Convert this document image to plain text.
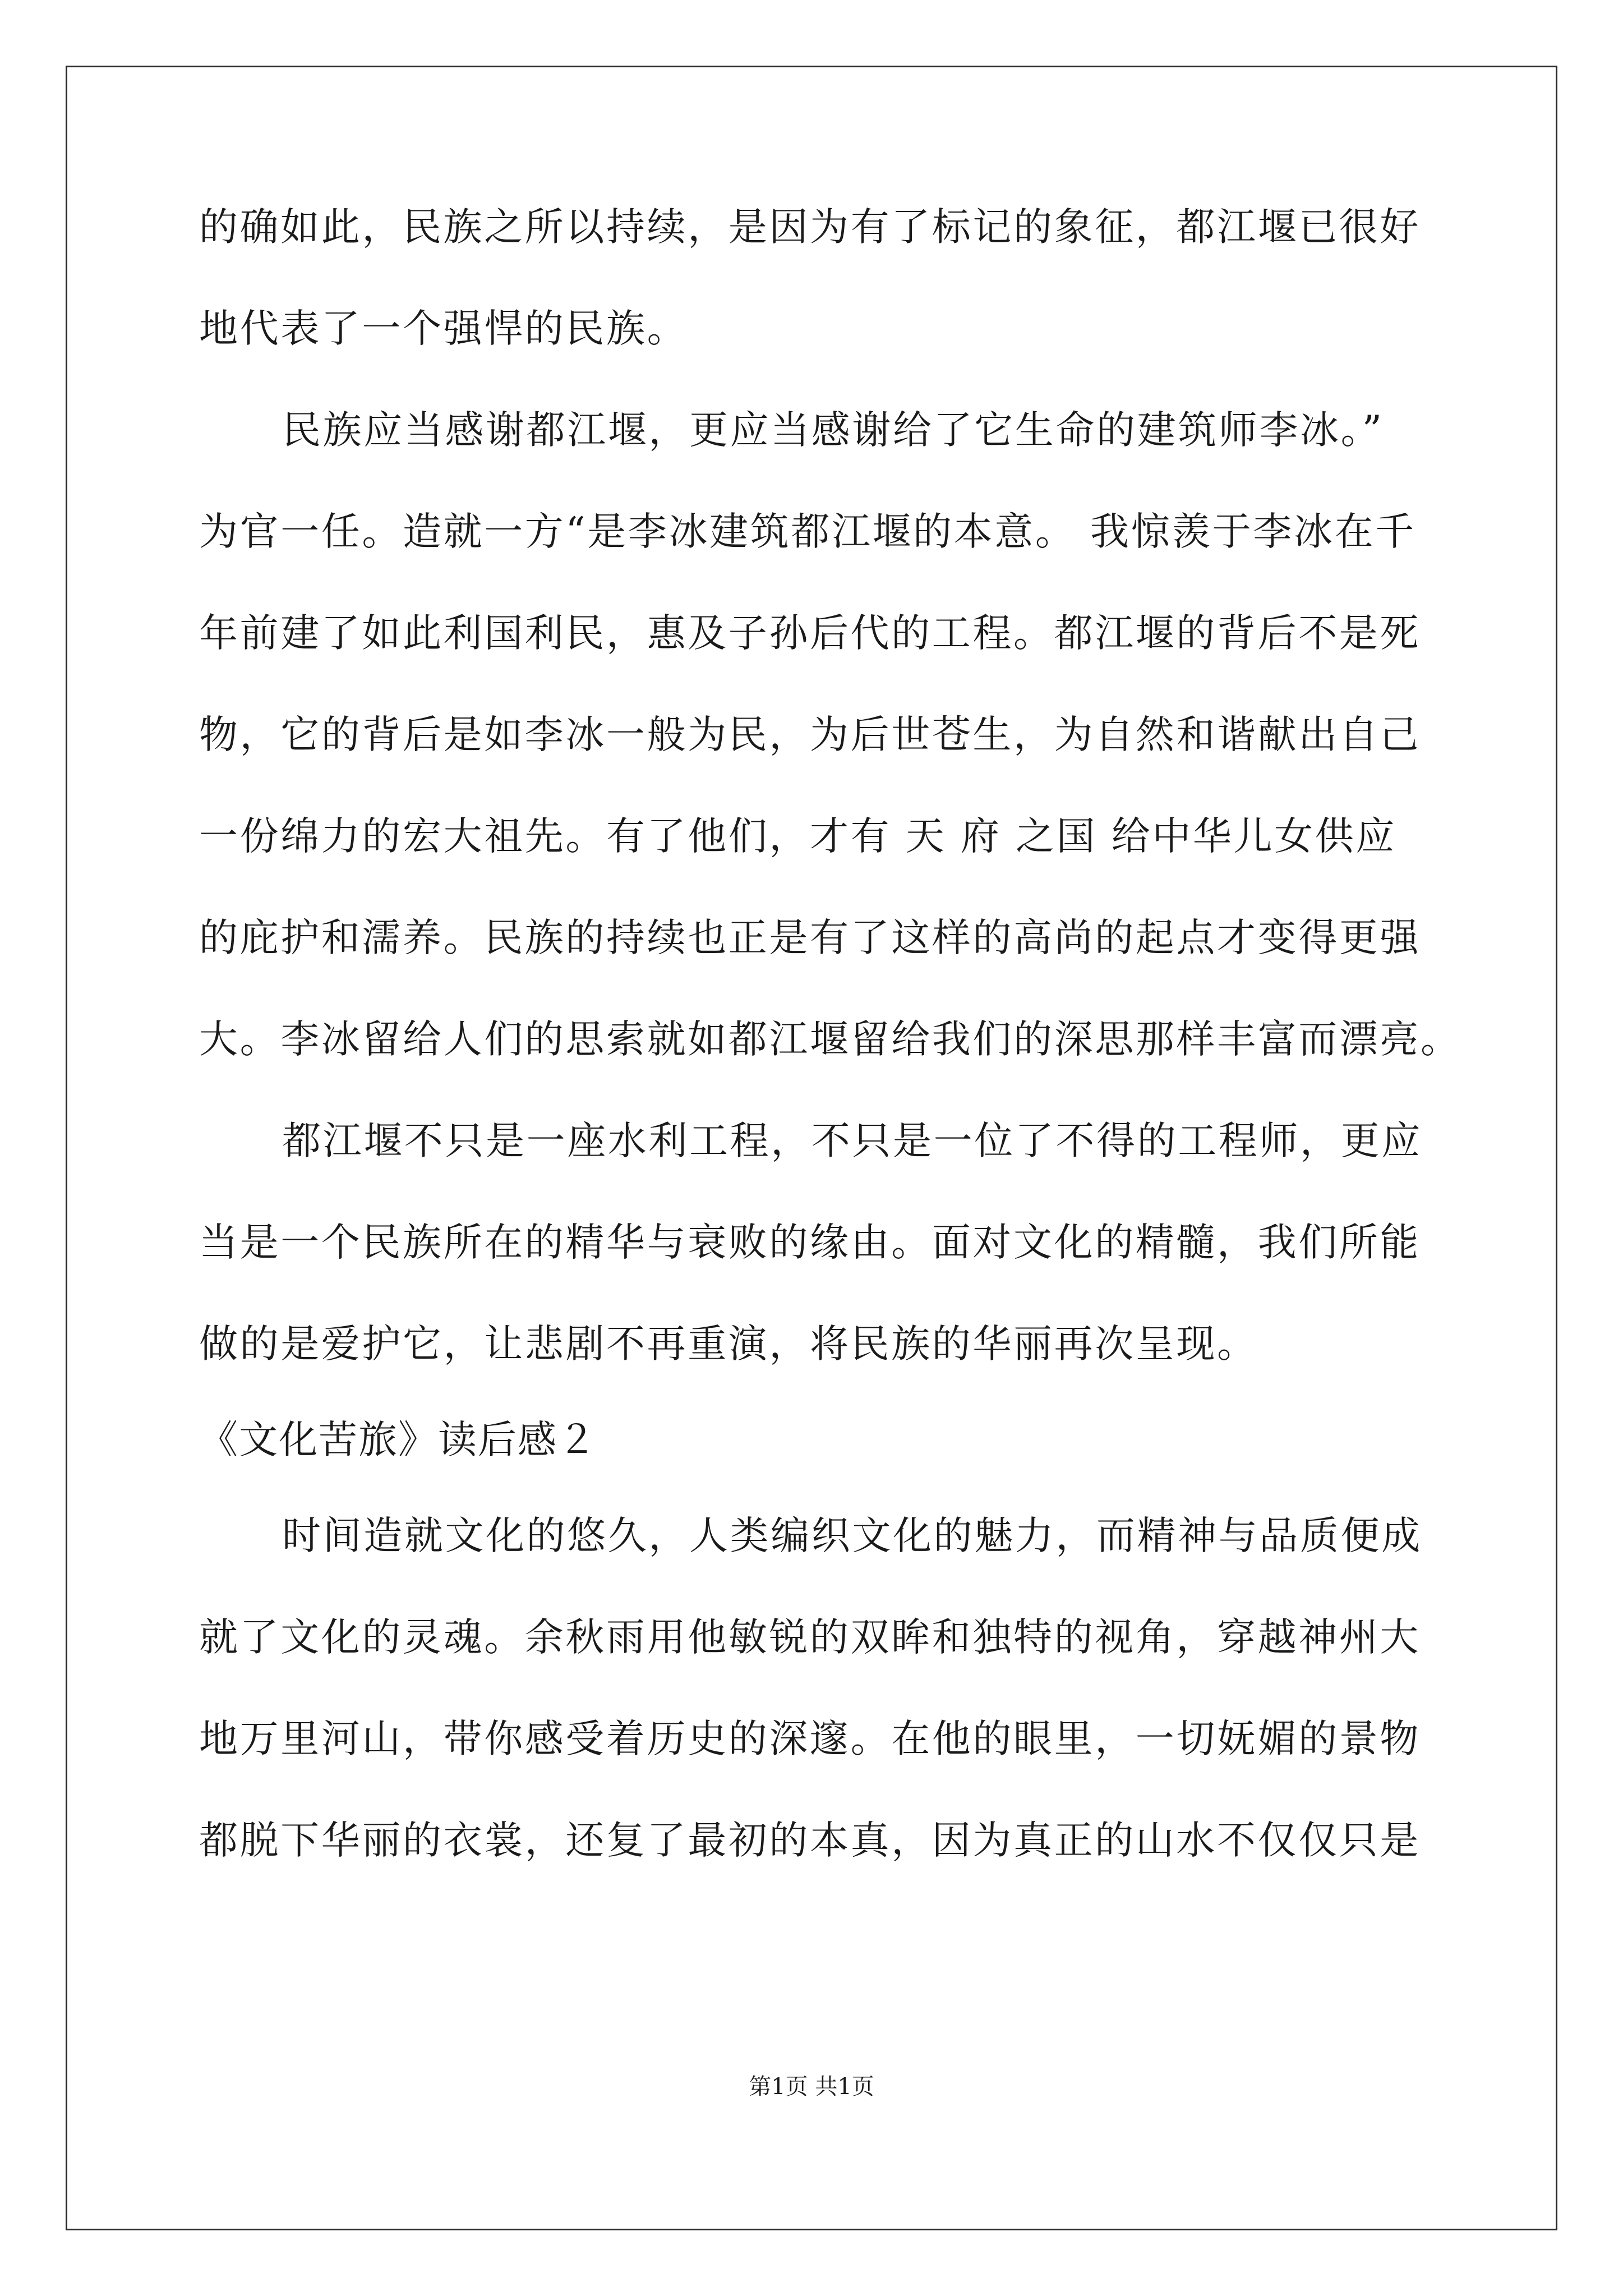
的确如此，民族之所以持续，是因为有了标记的象征，都江堰已很好
地代表了一个强悍的民族。
民族应当感谢都江堰，更应当感谢给了它生命的建筑师李冰。”
为官一任。造就一方“是李冰建筑都江堰的本意。 我惊羡于李冰在千
年前建了如此利国利民，惠及子孙后代的工程。都江堰的背后不是死
物，它的背后是如李冰一般为民，为后世苍生，为自然和谐献出自己
一份绵力的宏大祖先。有了他们，才有 天 府 之国 给中华儿女供应
的庇护和濡养。民族的持续也正是有了这样的高尚的起点才变得更强
大。李冰留给人们的思索就如都江堰留给我们的深思那样丰富而漂亮。
都江堰不只是一座水利工程，不只是一位了不得的工程师，更应
当是一个民族所在的精华与衰败的缘由。面对文化的精髓，我们所能
做的是爱护它，让悲剧不再重演，将民族的华丽再次呈现。
《文化苦旅》读后感２
时间造就文化的悠久，人类编织文化的魅力，而精神与品质便成
就了文化的灵魂。余秋雨用他敏锐的双眸和独特的视角，穿越神州大
地万里河山，带你感受着历史的深邃。在他的眼里，一切妩媚的景物
都脱下华丽的衣裳，还复了最初的本真，因为真正的山水不仅仅只是
第1页 共1页
